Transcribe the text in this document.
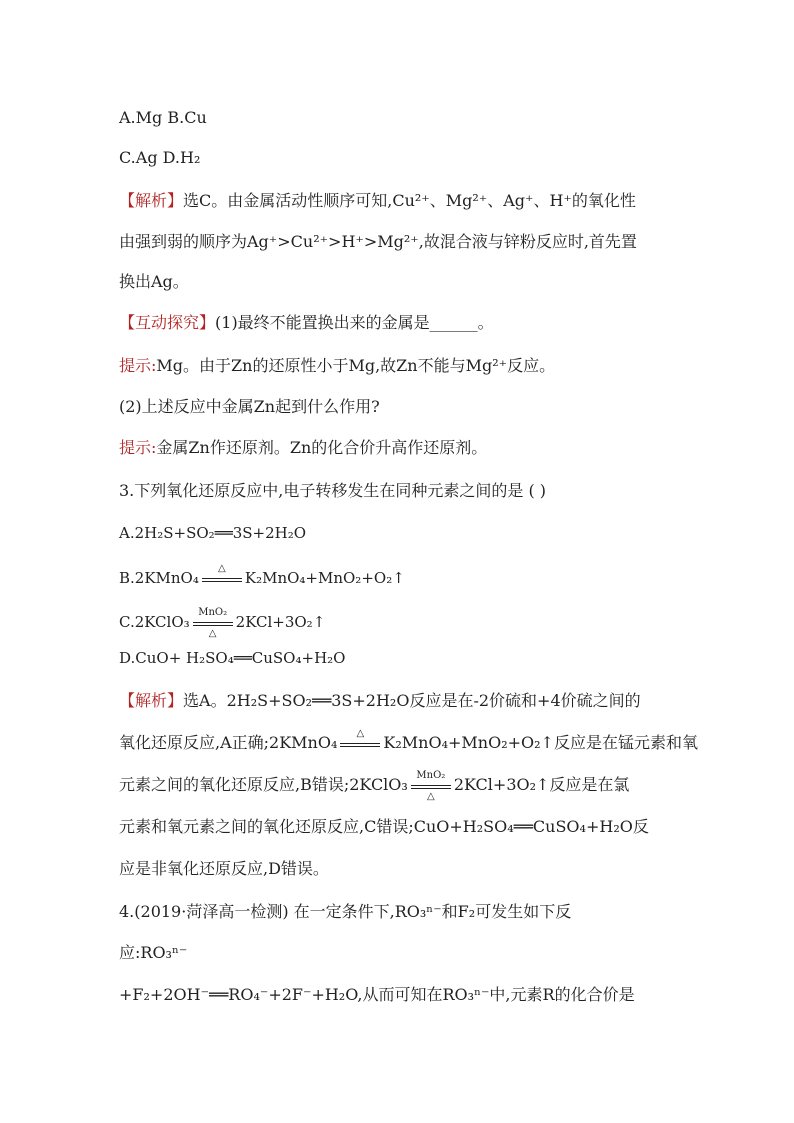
A.Mg B.Cu
C.Ag D.H₂
【解析】选C。由金属活动性顺序可知,Cu²⁺、Mg²⁺、Ag⁺、H⁺的氧化性
由强到弱的顺序为Ag⁺>Cu²⁺>H⁺>Mg²⁺,故混合液与锌粉反应时,首先置
换出Ag。
【互动探究】(1)最终不能置换出来的金属是______。
提示:Mg。由于Zn的还原性小于Mg,故Zn不能与Mg²⁺反应。
(2)上述反应中金属Zn起到什么作用?
提示:金属Zn作还原剂。Zn的化合价升高作还原剂。
3.下列氧化还原反应中,电子转移发生在同种元素之间的是 ( )
A.2H₂S+SO₂══3S+2H₂O
B.2KMnO₄
△
K₂MnO₄+MnO₂+O₂↑
C.2KClO₃
MnO₂
△
2KCl+3O₂↑
D.CuO+ H₂SO₄══CuSO₄+H₂O
【解析】选A。2H₂S+SO₂══3S+2H₂O反应是在-2价硫和+4价硫之间的
氧化还原反应,A正确;2KMnO₄	△	K₂MnO₄+MnO₂+O₂↑反应是在锰元素和氧
元素之间的氧化还原反应,B错误;2KClO₃ MnO₂
△
2KCl+3O₂↑反应是在氯
元素和氧元素之间的氧化还原反应,C错误;CuO+H₂SO₄══CuSO₄+H₂O反
应是非氧化还原反应,D错误。
4.(2019·菏泽高一检测) 在一定条件下,RO₃ⁿ⁻和F₂可发生如下反
应:RO₃ⁿ⁻
+F₂+2OH⁻══RO₄⁻+2F⁻+H₂O,从而可知在RO₃ⁿ⁻中,元素R的化合价是
